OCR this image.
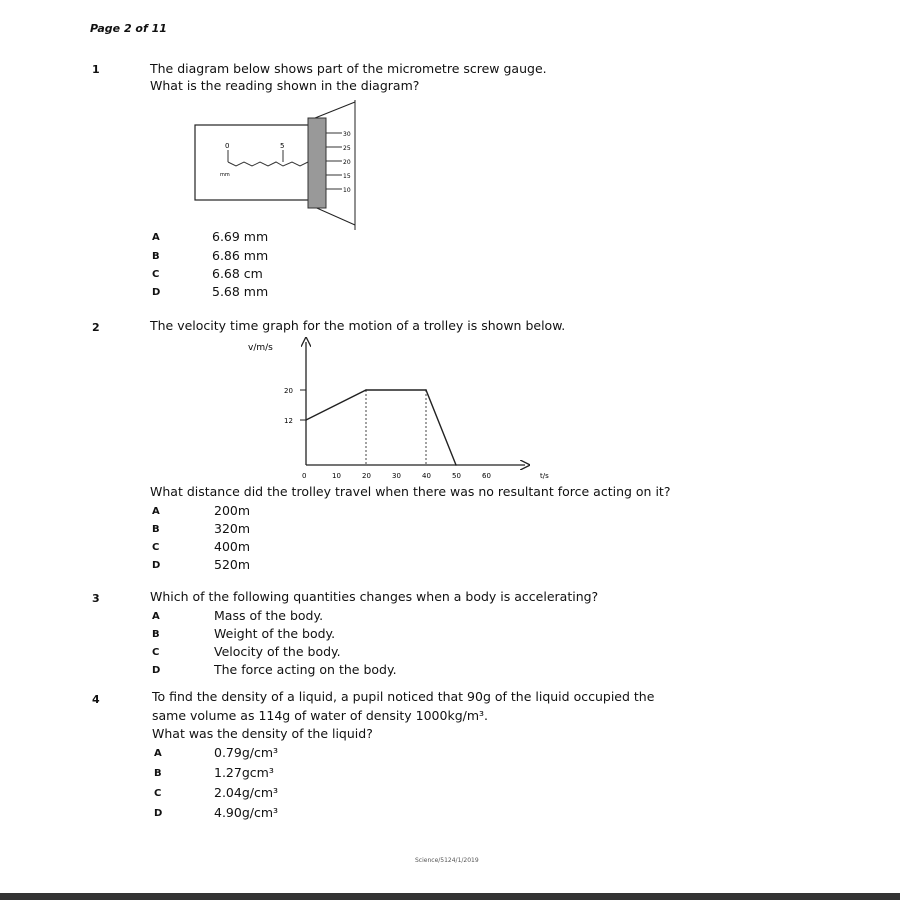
Page 2 of 11
1	The diagram below shows part of the micrometre screw gauge.
What is the reading shown in the diagram?
0	5
mm
30
25
20
15
10
A	6.69 mm
B	6.86 mm
C	6.68 cm
D	5.68 mm
2	The velocity time graph for the motion of a trolley is shown below.
v/m/s
t/s
0	10	20	30	40	50	60
12
20
What distance did the trolley travel when there was no resultant force acting on it?
A	200m
B	320m
C	400m
D	520m
3	Which of the following quantities changes when a body is accelerating?
A	Mass of the body.
B	Weight of the body.
C	Velocity of the body.
D	The force acting on the body.
4	To find the density of a liquid, a pupil noticed that 90g of the liquid occupied the
same volume as 114g of water of density 1000kg/m³.
What was the density of the liquid?
A	0.79g/cm³
B	1.27gcm³
C	2.04g/cm³
D	4.90g/cm³
Science/5124/1/2019
